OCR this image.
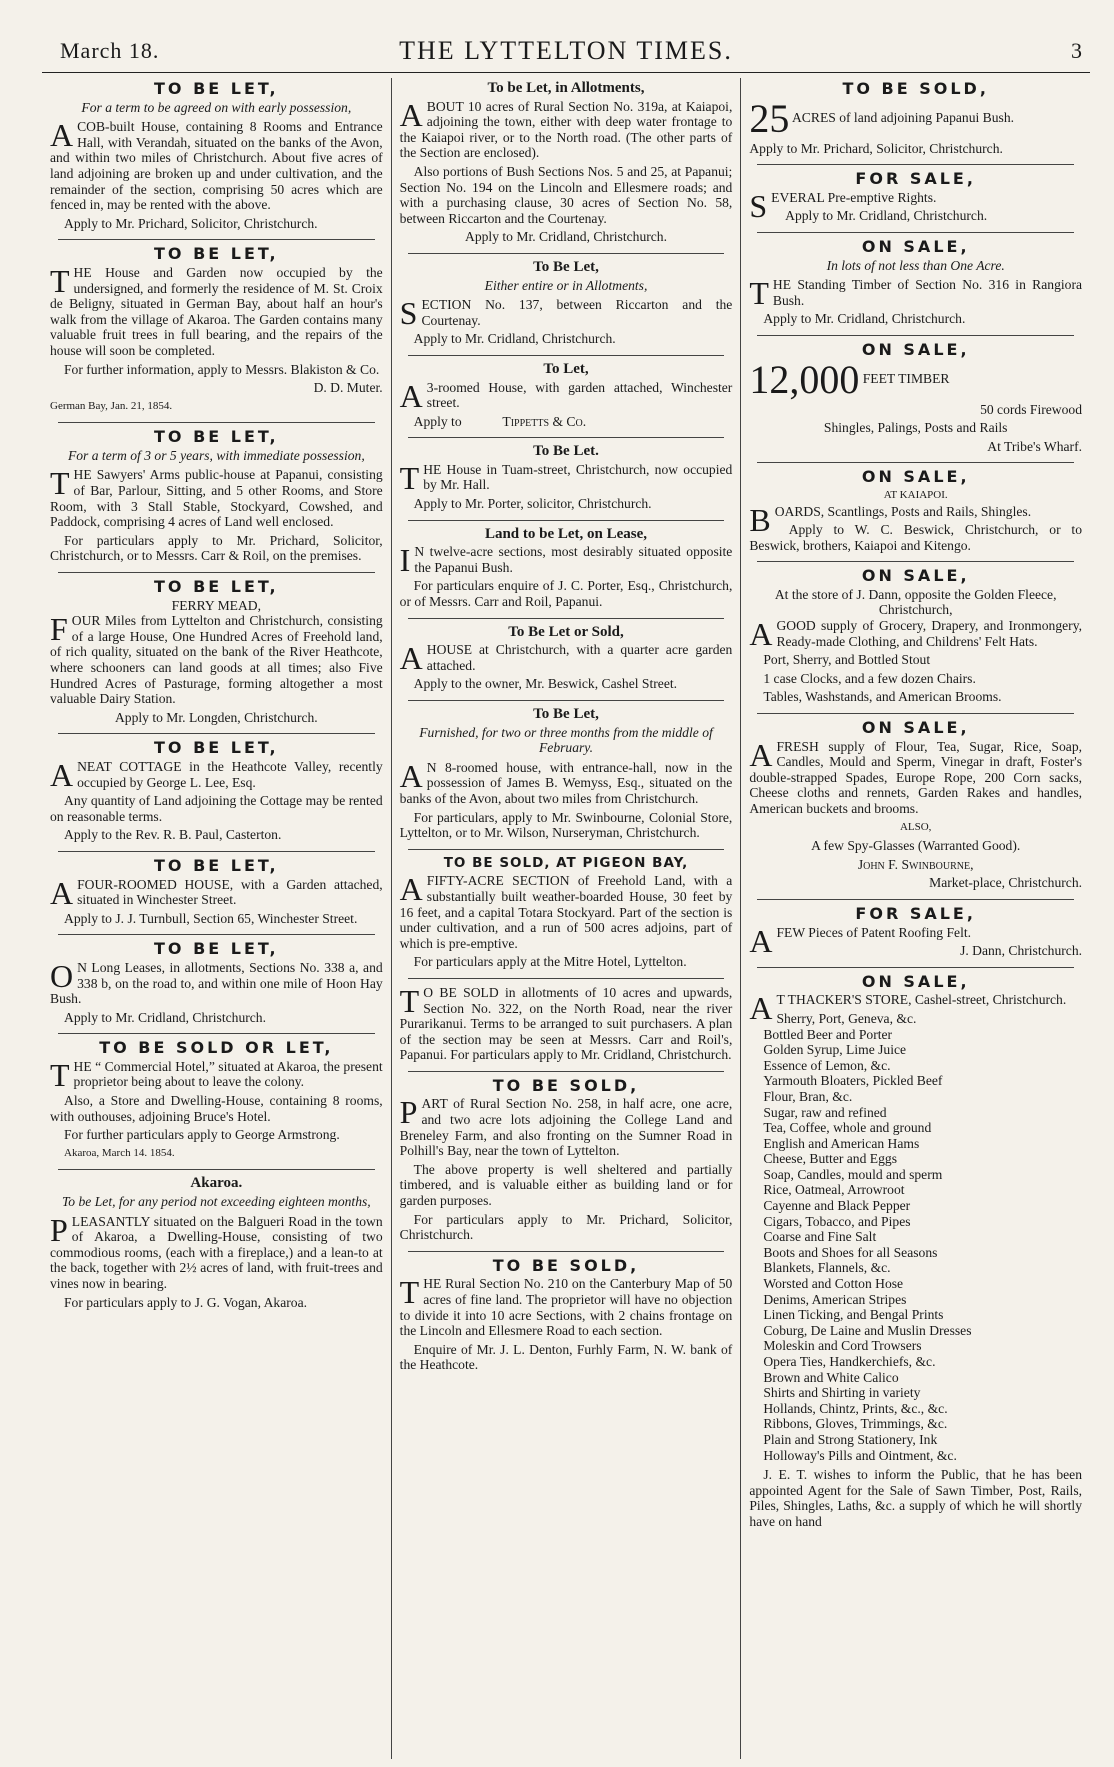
March 18.	THE LYTTELTON TIMES.	3
TO BE LET,
For a term to be agreed on with early possession,

A COB-built House, containing 8 Rooms and Entrance Hall, with Verandah, situated on the banks of the Avon, and within two miles of Christchurch. About five acres of land adjoining are broken up and under cultivation, and the remainder of the section, comprising 50 acres which are fenced in, may be rented with the above.

Apply to Mr. Prichard, Solicitor, Christchurch.

TO BE LET,

THE House and Garden now occupied by the undersigned, and formerly the residence of M. St. Croix de Beligny, situated in German Bay, about half an hour's walk from the village of Akaroa. The Garden contains many valuable fruit trees in full bearing, and the repairs of the house will soon be completed.

For further information, apply to Messrs. Blakiston & Co.

D. D. Muter.

German Bay, Jan. 21, 1854.

TO BE LET,
For a term of 3 or 5 years, with immediate possession,

THE Sawyers' Arms public-house at Papanui, consisting of Bar, Parlour, Sitting, and 5 other Rooms, and Store Room, with 3 Stall Stable, Stockyard, Cowshed, and Paddock, comprising 4 acres of Land well enclosed.

For particulars apply to Mr. Prichard, Solicitor, Christchurch, or to Messrs. Carr & Roil, on the premises.

TO BE LET,
FERRY MEAD,

FOUR Miles from Lyttelton and Christchurch, consisting of a large House, One Hundred Acres of Freehold land, of rich quality, situated on the bank of the River Heathcote, where schooners can land goods at all times; also Five Hundred Acres of Pasturage, forming altogether a most valuable Dairy Station.

Apply to Mr. Longden, Christchurch.

TO BE LET,

A NEAT COTTAGE in the Heathcote Valley, recently occupied by George L. Lee, Esq.

Any quantity of Land adjoining the Cottage may be rented on reasonable terms.

Apply to the Rev. R. B. Paul, Casterton.

TO BE LET,

A FOUR-ROOMED HOUSE, with a Garden attached, situated in Winchester Street.

Apply to J. J. Turnbull, Section 65, Winchester Street.

TO BE LET,

O N Long Leases, in allotments, Sections No. 338 a, and 338 b, on the road to, and within one mile of Hoon Hay Bush.

Apply to Mr. Cridland, Christchurch.

TO BE SOLD OR LET,

THE “ Commercial Hotel,” situated at Akaroa, the present proprietor being about to leave the colony.

Also, a Store and Dwelling-House, containing 8 rooms, with outhouses, adjoining Bruce's Hotel.

For further particulars apply to George Armstrong.

Akaroa, March 14. 1854.

Akaroa.
To be Let, for any period not exceeding eighteen months,

PLEASANTLY situated on the Balgueri Road in the town of Akaroa, a Dwelling-House, consisting of two commodious rooms, (each with a fireplace,) and a lean-to at the back, together with 2½ acres of land, with fruit-trees and vines now in bearing.

For particulars apply to J. G. Vogan, Akaroa.

To be Let, in Allotments,

ABOUT 10 acres of Rural Section No. 319a, at Kaiapoi, adjoining the town, either with deep water frontage to the Kaiapoi river, or to the North road. (The other parts of the Section are enclosed).

Also portions of Bush Sections Nos. 5 and 25, at Papanui; Section No. 194 on the Lincoln and Ellesmere roads; and with a purchasing clause, 30 acres of Section No. 58, between Riccarton and the Courtenay.

Apply to Mr. Cridland, Christchurch.

To Be Let,
Either entire or in Allotments,

SECTION No. 137, between Riccarton and the Courtenay.

Apply to Mr. Cridland, Christchurch.

To Let,

A 3-roomed House, with garden attached, Winchester street.

Apply to	Tippetts & Co.

To Be Let.

THE House in Tuam-street, Christchurch, now occupied by Mr. Hall.

Apply to Mr. Porter, solicitor, Christchurch.

Land to be Let, on Lease,

I N twelve-acre sections, most desirably situated opposite the Papanui Bush.

For particulars enquire of J. C. Porter, Esq., Christchurch, or of Messrs. Carr and Roil, Papanui.

To Be Let or Sold,

A HOUSE at Christchurch, with a quarter acre garden attached.

Apply to the owner, Mr. Beswick, Cashel Street.

To Be Let,
Furnished, for two or three months from the middle of February.

A N 8-roomed house, with entrance-hall, now in the possession of James B. Wemyss, Esq., situated on the banks of the Avon, about two miles from Christchurch.

For particulars, apply to Mr. Swinbourne, Colonial Store, Lyttelton, or to Mr. Wilson, Nurseryman, Christchurch.

TO BE SOLD, AT PIGEON BAY,

A FIFTY-ACRE SECTION of Freehold Land, with a substantially built weather-boarded House, 30 feet by 16 feet, and a capital Totara Stockyard. Part of the section is under cultivation, and a run of 500 acres adjoins, part of which is pre-emptive.

For particulars apply at the Mitre Hotel, Lyttelton.

T O BE SOLD in allotments of 10 acres and upwards, Section No. 322, on the North Road, near the river Purarikanui. Terms to be arranged to suit purchasers. A plan of the section may be seen at Messrs. Carr and Roil's, Papanui. For particulars apply to Mr. Cridland, Christchurch.

TO BE SOLD,

PART of Rural Section No. 258, in half acre, one acre, and two acre lots adjoining the College Land and Breneley Farm, and also fronting on the Sumner Road in Polhill's Bay, near the town of Lyttelton.

The above property is well sheltered and partially timbered, and is valuable either as building land or for garden purposes.

For particulars apply to Mr. Prichard, Solicitor, Christchurch.

TO BE SOLD,

THE Rural Section No. 210 on the Canterbury Map of 50 acres of fine land. The proprietor will have no objection to divide it into 10 acre Sections, with 2 chains frontage on the Lincoln and Ellesmere Road to each section.

Enquire of Mr. J. L. Denton, Furhly Farm, N. W. bank of the Heathcote.

TO BE SOLD,

25 ACRES of land adjoining Papanui Bush.

Apply to Mr. Prichard, Solicitor, Christchurch.

FOR SALE,

SEVERAL Pre-emptive Rights.

Apply to Mr. Cridland, Christchurch.

ON SALE,
In lots of not less than One Acre.

THE Standing Timber of Section No. 316 in Rangiora Bush.

Apply to Mr. Cridland, Christchurch.

ON SALE,

12,000 FEET TIMBER

50 cords Firewood

Shingles, Palings, Posts and Rails

At Tribe's Wharf.

ON SALE,
AT KAIAPOI.

BOARDS, Scantlings, Posts and Rails, Shingles.

Apply to W. C. Beswick, Christchurch, or to Beswick, brothers, Kaiapoi and Kitengo.

ON SALE,
At the store of J. Dann, opposite the Golden Fleece, Christchurch,

A GOOD supply of Grocery, Drapery, and Ironmongery, Ready-made Clothing, and Childrens' Felt Hats.

Port, Sherry, and Bottled Stout

1 case Clocks, and a few dozen Chairs.

Tables, Washstands, and American Brooms.

ON SALE,

A FRESH supply of Flour, Tea, Sugar, Rice, Soap, Candles, Mould and Sperm, Vinegar in draft, Foster's double-strapped Spades, Europe Rope, 200 Corn sacks, Cheese cloths and rennets, Garden Rakes and handles, American buckets and brooms.

ALSO,

A few Spy-Glasses (Warranted Good).

John F. Swinbourne,

Market-place, Christchurch.

FOR SALE,

A FEW Pieces of Patent Roofing Felt.

J. Dann, Christchurch.

ON SALE,

A T THACKER'S STORE, Cashel-street, Christchurch.

Sherry, Port, Geneva, &c.
Bottled Beer and Porter
Golden Syrup, Lime Juice
Essence of Lemon, &c.
Yarmouth Bloaters, Pickled Beef
Flour, Bran, &c.
Sugar, raw and refined
Tea, Coffee, whole and ground
English and American Hams
Cheese, Butter and Eggs
Soap, Candles, mould and sperm
Rice, Oatmeal, Arrowroot
Cayenne and Black Pepper
Cigars, Tobacco, and Pipes
Coarse and Fine Salt
Boots and Shoes for all Seasons
Blankets, Flannels, &c.
Worsted and Cotton Hose
Denims, American Stripes
Linen Ticking, and Bengal Prints
Coburg, De Laine and Muslin Dresses
Moleskin and Cord Trowsers
Opera Ties, Handkerchiefs, &c.
Brown and White Calico
Shirts and Shirting in variety
Hollands, Chintz, Prints, &c., &c.
Ribbons, Gloves, Trimmings, &c.
Plain and Strong Stationery, Ink
Holloway's Pills and Ointment, &c.

J. E. T. wishes to inform the Public, that he has been appointed Agent for the Sale of Sawn Timber, Post, Rails, Piles, Shingles, Laths, &c. a supply of which he will shortly have on hand
